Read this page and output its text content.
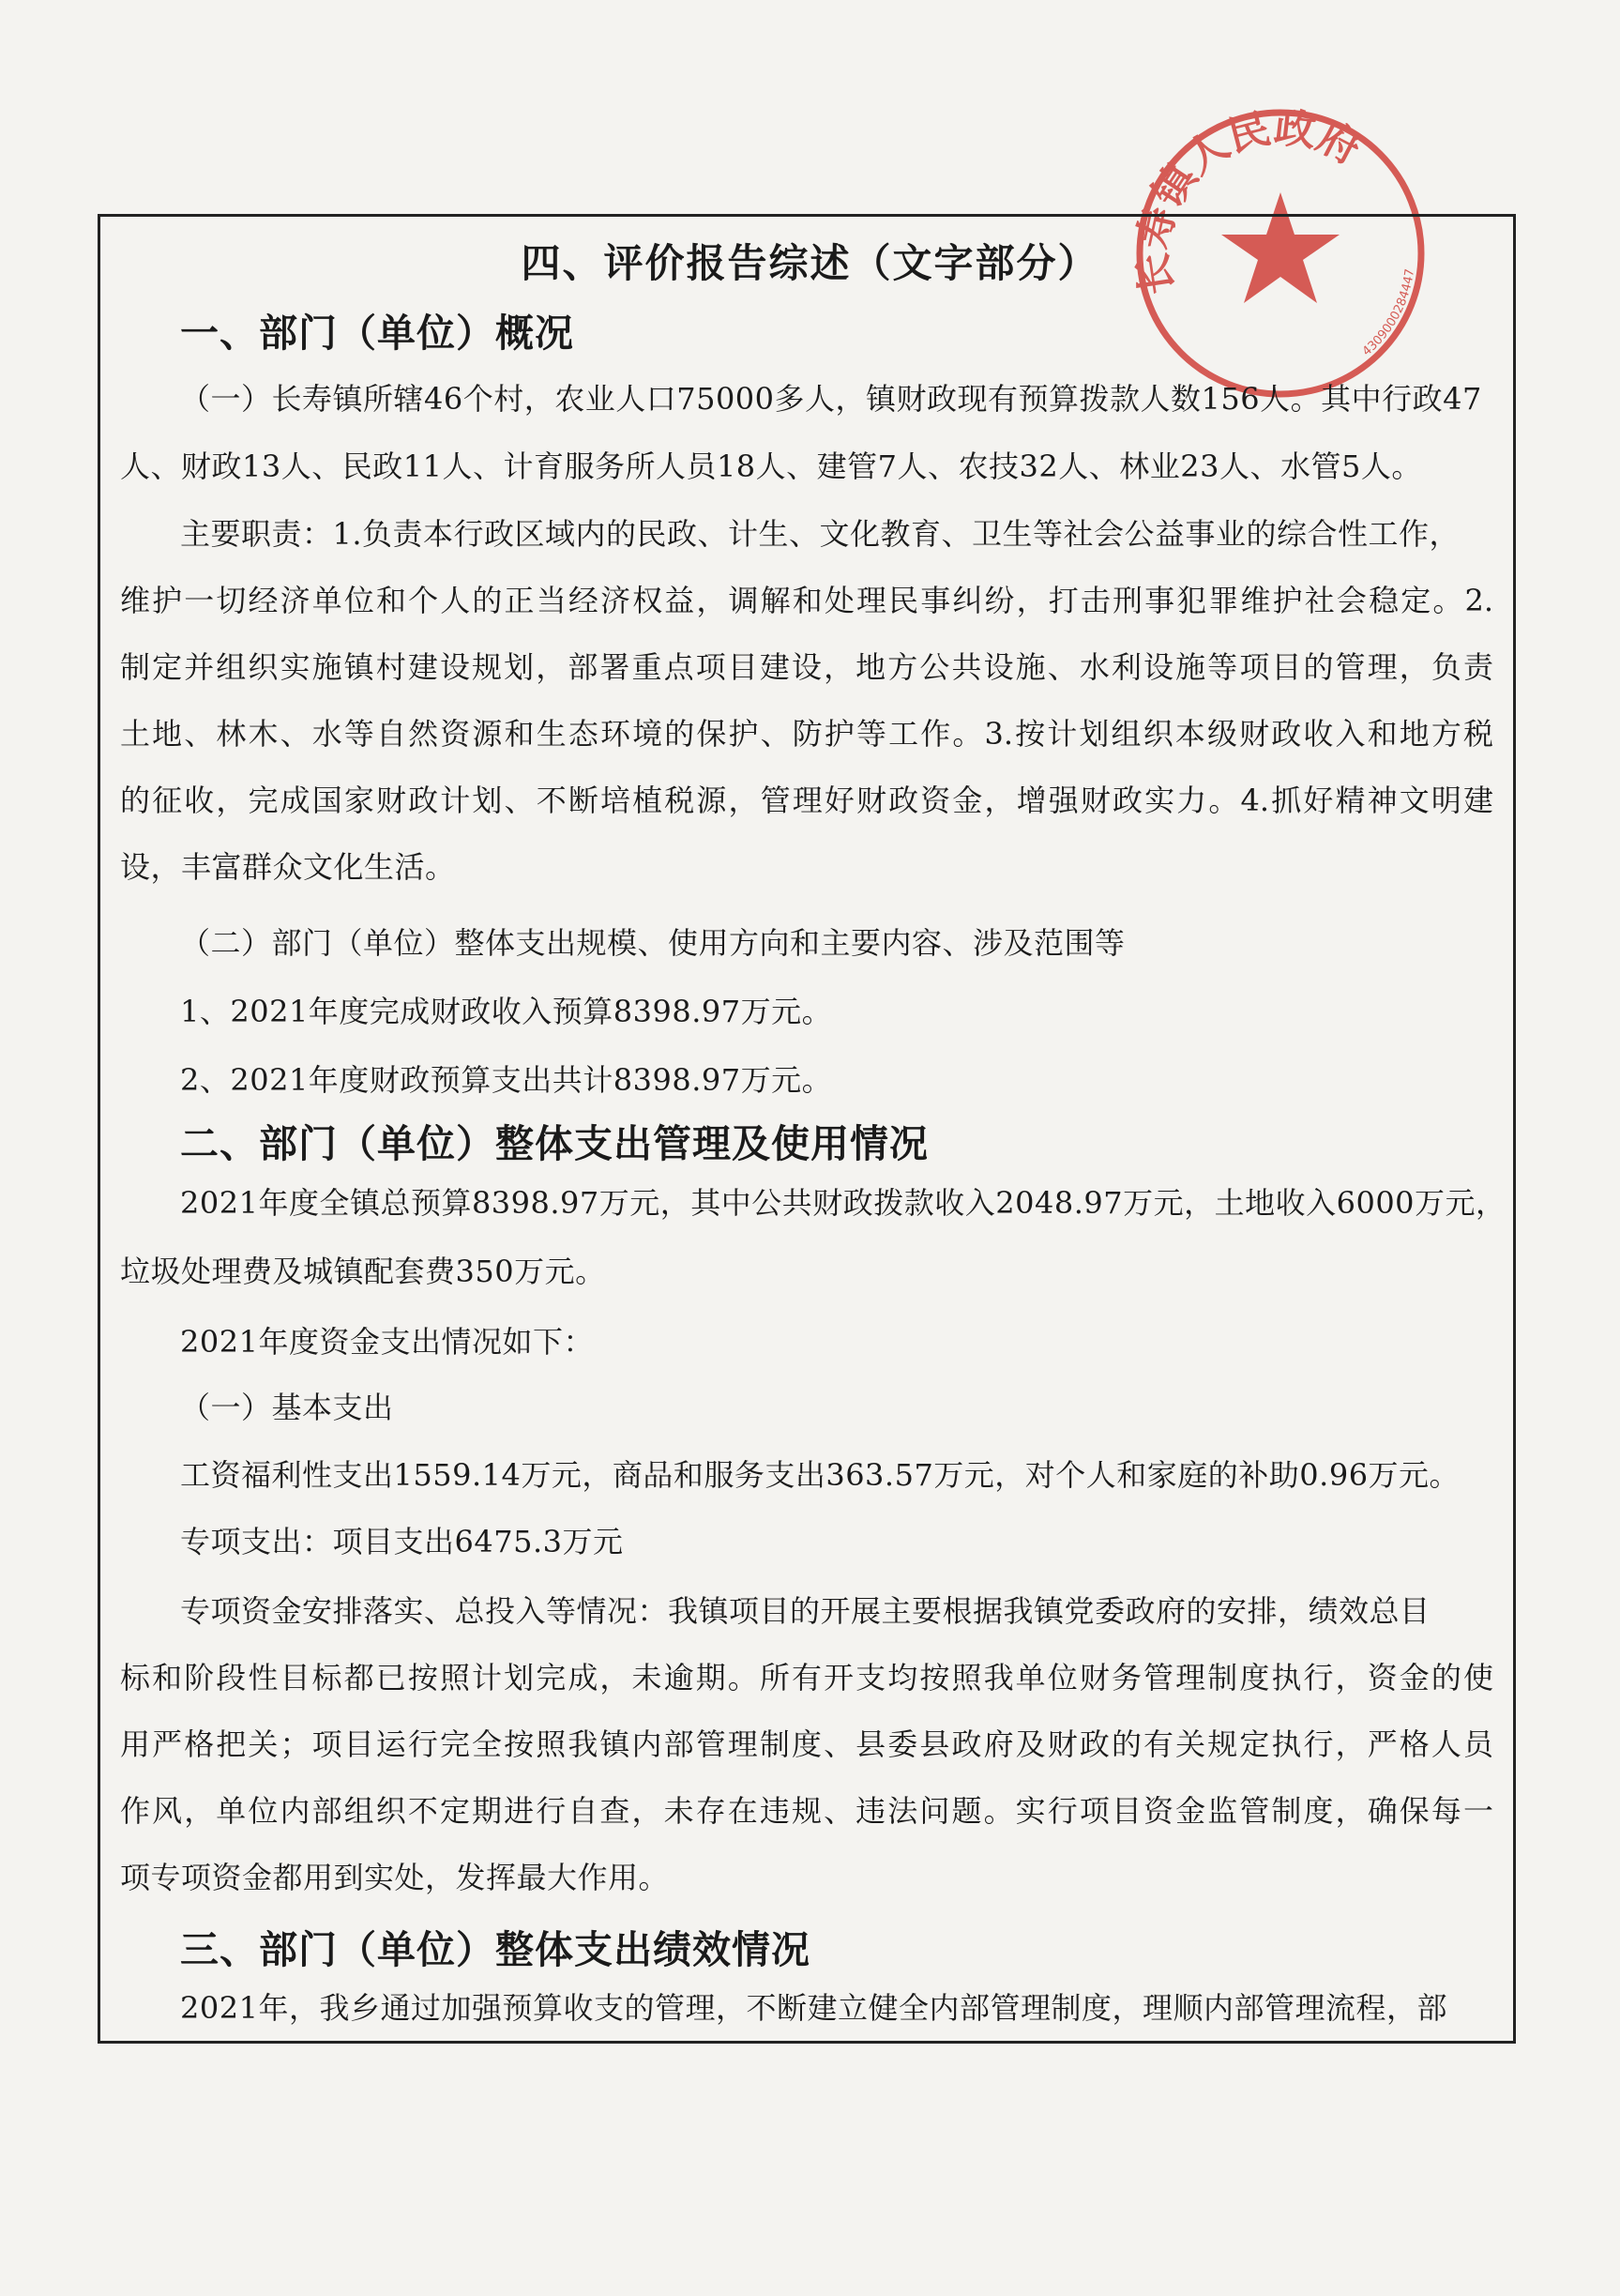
长寿镇人民政府
4309000284447
四、评价报告综述（文字部分）
一、部门（单位）概况
（一）长寿镇所辖46个村，农业人口75000多人，镇财政现有预算拨款人数156人。其中行政47
人、财政13人、民政11人、计育服务所人员18人、建管7人、农技32人、林业23人、水管5人。
主要职责：1.负责本行政区域内的民政、计生、文化教育、卫生等社会公益事业的综合性工作，
维护一切经济单位和个人的正当经济权益，调解和处理民事纠纷，打击刑事犯罪维护社会稳定。2.
制定并组织实施镇村建设规划，部署重点项目建设，地方公共设施、水利设施等项目的管理，负责
土地、林木、水等自然资源和生态环境的保护、防护等工作。3.按计划组织本级财政收入和地方税
的征收，完成国家财政计划、不断培植税源，管理好财政资金，增强财政实力。4.抓好精神文明建
设，丰富群众文化生活。
（二）部门（单位）整体支出规模、使用方向和主要内容、涉及范围等
1、2021年度完成财政收入预算8398.97万元。
2、2021年度财政预算支出共计8398.97万元。
二、部门（单位）整体支出管理及使用情况
2021年度全镇总预算8398.97万元，其中公共财政拨款收入2048.97万元，土地收入6000万元，
垃圾处理费及城镇配套费350万元。
2021年度资金支出情况如下：
（一）基本支出
工资福利性支出1559.14万元，商品和服务支出363.57万元，对个人和家庭的补助0.96万元。
专项支出：项目支出6475.3万元
专项资金安排落实、总投入等情况：我镇项目的开展主要根据我镇党委政府的安排，绩效总目
标和阶段性目标都已按照计划完成，未逾期。所有开支均按照我单位财务管理制度执行，资金的使
用严格把关；项目运行完全按照我镇内部管理制度、县委县政府及财政的有关规定执行，严格人员
作风，单位内部组织不定期进行自查，未存在违规、违法问题。实行项目资金监管制度，确保每一
项专项资金都用到实处，发挥最大作用。
三、部门（单位）整体支出绩效情况
2021年，我乡通过加强预算收支的管理，不断建立健全内部管理制度，理顺内部管理流程，部
